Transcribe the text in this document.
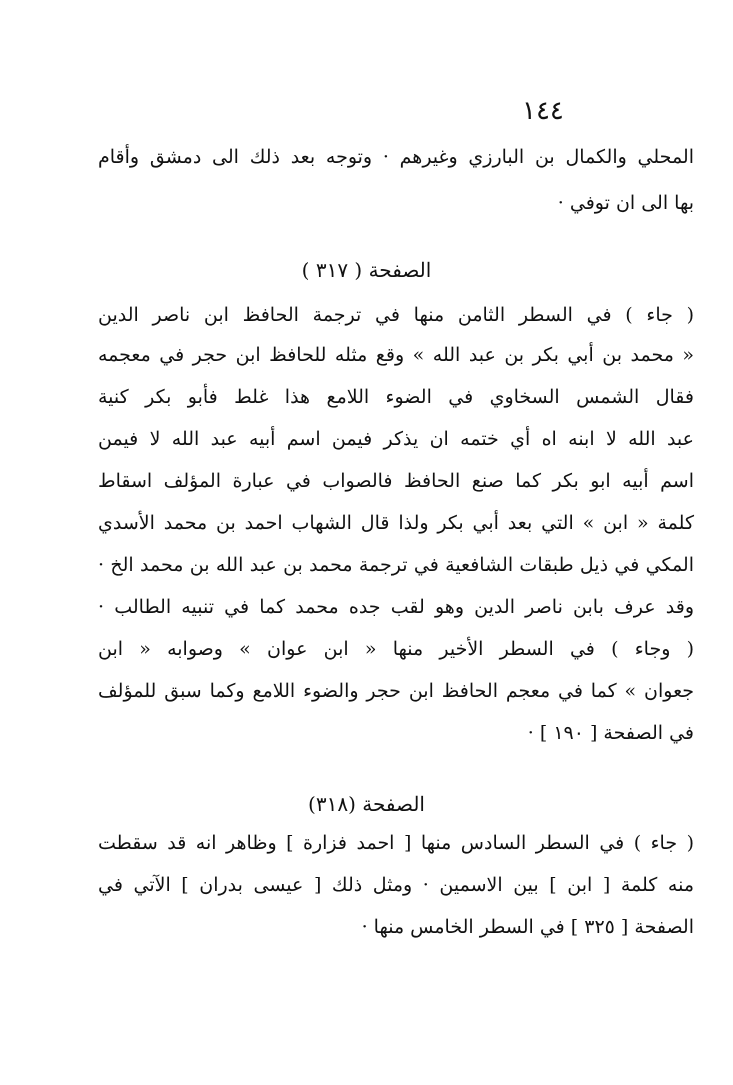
١٤٤
المحلي والكمال بن البارزي وغيرهم · وتوجه بعد ذلك الى دمشق وأقام
بها الى ان توفي ·
الصفحة ( ٣١٧ )
( جاء ) في السطر الثامن منها في ترجمة الحافظ ابن ناصر الدين
« محمد بن أبي بكر بن عبد الله » وقع مثله للحافظ ابن حجر في معجمه
فقال الشمس السخاوي في الضوء اللامع هذا غلط فأبو بكر كنية
عبد الله لا ابنه اه أي ختمه ان يذكر فيمن اسم أبيه عبد الله لا فيمن
اسم أبيه ابو بكر كما صنع الحافظ فالصواب في عبارة المؤلف اسقاط
كلمة « ابن » التي بعد أبي بكر ولذا قال الشهاب احمد بن محمد الأسدي
المكي في ذيل طبقات الشافعية في ترجمة محمد بن عبد الله بن محمد الخ ·
وقد عرف بابن ناصر الدين وهو لقب جده محمد كما في تنبيه الطالب ·
( وجاء ) في السطر الأخير منها « ابن عوان » وصوابه « ابن
جعوان » كما في معجم الحافظ ابن حجر والضوء اللامع وكما سبق للمؤلف
في الصفحة [ ١٩٠ ] ·
الصفحة (٣١٨)
( جاء ) في السطر السادس منها [ احمد فزارة ] وظاهر انه قد سقطت
منه كلمة [ ابن ] بين الاسمين · ومثل ذلك [ عيسى بدران ] الآتي في
الصفحة [ ٣٢٥ ] في السطر الخامس منها ·
